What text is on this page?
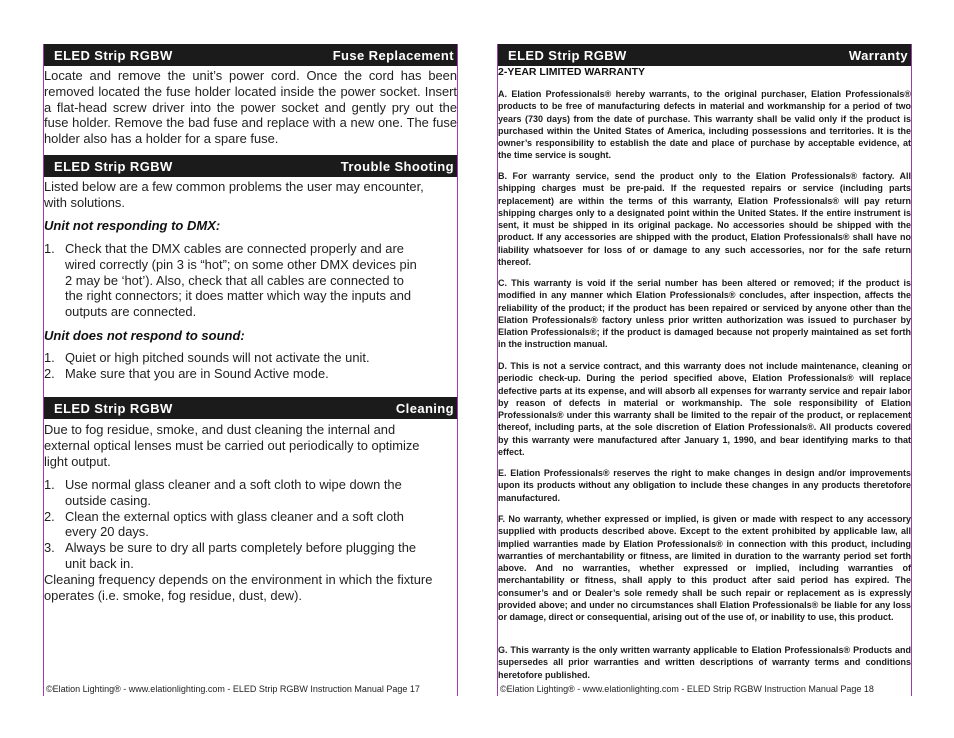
ELED Strip RGBW	Fuse Replacement
Locate and remove the unit’s power cord. Once the cord has been removed located the fuse holder located inside the power socket. Insert a flat-head screw driver into the power socket and gently pry out the fuse holder. Remove the bad fuse and replace with a new one. The fuse holder also has a holder for a spare fuse.
ELED Strip RGBW	Trouble Shooting
Listed below are a few common problems the user may encounter, with solutions.
Unit not responding to DMX:
1. Check that the DMX cables are connected properly and are wired correctly (pin 3 is “hot”; on some other DMX devices pin 2 may be ‘hot’). Also, check that all cables are connected to the right connectors; it does matter which way the inputs and outputs are connected.
Unit does not respond to sound:
1. Quiet or high pitched sounds will not activate the unit.
2. Make sure that you are in Sound Active mode.
ELED Strip RGBW	Cleaning
Due to fog residue, smoke, and dust cleaning the internal and external optical lenses must be carried out periodically to optimize light output.
1. Use normal glass cleaner and a soft cloth to wipe down the outside casing.
2. Clean the external optics with glass cleaner and a soft cloth every 20 days.
3. Always be sure to dry all parts completely before plugging the unit back in.
Cleaning frequency depends on the environment in which the fixture operates (i.e. smoke, fog residue, dust, dew).
©Elation Lighting® - www.elationlighting.com - ELED Strip RGBW Instruction Manual Page 17
ELED Strip RGBW	Warranty
2-YEAR LIMITED WARRANTY
A. Elation Professionals® hereby warrants, to the original purchaser, Elation Professionals® products to be free of manufacturing defects in material and workmanship for a period of two years (730 days) from the date of purchase. This warranty shall be valid only if the product is purchased within the United States of America, including possessions and territories. It is the owner’s responsibility to establish the date and place of purchase by acceptable evidence, at the time service is sought.
B. For warranty service, send the product only to the Elation Professionals® factory. All shipping charges must be pre-paid. If the requested repairs or service (including parts replacement) are within the terms of this warranty, Elation Professionals® will pay return shipping charges only to a designated point within the United States. If the entire instrument is sent, it must be shipped in its original package. No accessories should be shipped with the product. If any accessories are shipped with the product, Elation Professionals® shall have no liability whatsoever for loss of or damage to any such accessories, nor for the safe return thereof.
C. This warranty is void if the serial number has been altered or removed; if the product is modified in any manner which Elation Professionals® concludes, after inspection, affects the reliability of the product; if the product has been repaired or serviced by anyone other than the Elation Professionals® factory unless prior written authorization was issued to purchaser by Elation Professionals®; if the product is damaged because not properly maintained as set forth in the instruction manual.
D. This is not a service contract, and this warranty does not include maintenance, cleaning or periodic check-up. During the period specified above, Elation Professionals® will replace defective parts at its expense, and will absorb all expenses for warranty service and repair labor by reason of defects in material or workmanship. The sole responsibility of Elation Professionals® under this warranty shall be limited to the repair of the product, or replacement thereof, including parts, at the sole discretion of Elation Professionals®. All products covered by this warranty were manufactured after January 1, 1990, and bear identifying marks to that effect.
E. Elation Professionals® reserves the right to make changes in design and/or improvements upon its products without any obligation to include these changes in any products theretofore manufactured.
F. No warranty, whether expressed or implied, is given or made with respect to any accessory supplied with products described above. Except to the extent prohibited by applicable law, all implied warranties made by Elation Professionals® in connection with this product, including warranties of merchantability or fitness, are limited in duration to the warranty period set forth above. And no warranties, whether expressed or implied, including warranties of merchantability or fitness, shall apply to this product after said period has expired. The consumer’s and or Dealer’s sole remedy shall be such repair or replacement as is expressly provided above; and under no circumstances shall Elation Professionals® be liable for any loss or damage, direct or consequential, arising out of the use of, or inability to use, this product.
G. This warranty is the only written warranty applicable to Elation Professionals® Products and supersedes all prior warranties and written descriptions of warranty terms and conditions heretofore published.
©Elation Lighting® - www.elationlighting.com - ELED Strip RGBW Instruction Manual Page 18
